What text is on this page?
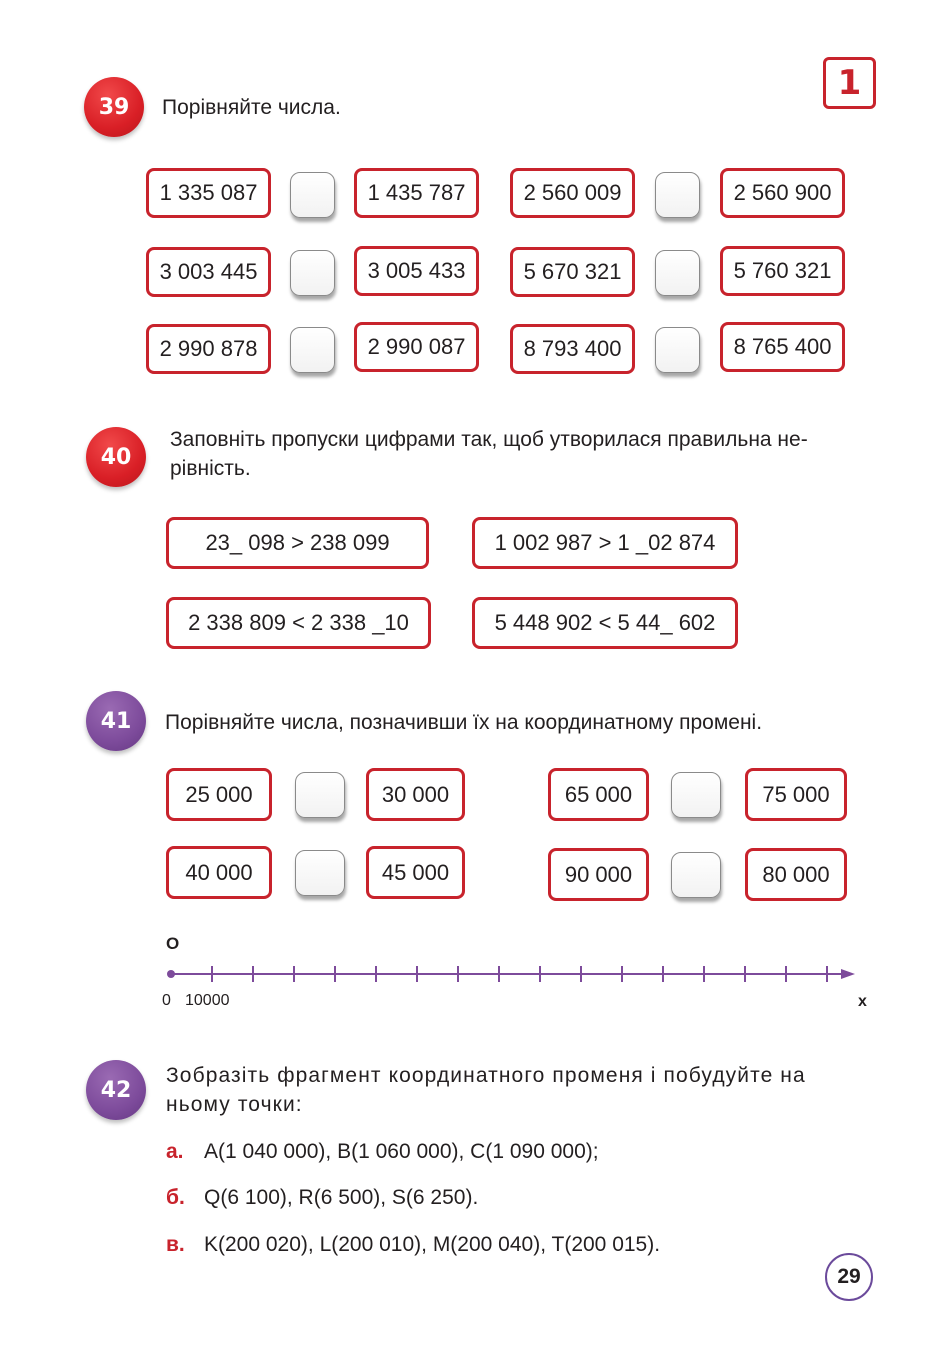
1
39	Порівняйте числа.
1 335 087	1 435 787	2 560 009	2 560 900
3 003 445	3 005 433	5 670 321	5 760 321
2 990 878	2 990 087	8 793 400	8 765 400
40
Заповніть пропуски цифрами так, щоб утворилася правильна не-
рівність.
23_ 098 > 238 099	1 002 987 > 1 _02 874
2 338 809 < 2 338 _10	5 448 902 < 5 44_ 602
41	Порівняйте числа, позначивши їх на координатному промені.
25 000	30 000	65 000	75 000
40 000	45 000	90 000	80 000
O
0 10000	x
42
Зобразіть фрагмент координатного променя і побудуйте на
ньому точки:
а. A(1 040 000), B(1 060 000), C(1 090 000);
б. Q(6 100), R(6 500), S(6 250).
в. K(200 020), L(200 010), M(200 040), T(200 015).
29
